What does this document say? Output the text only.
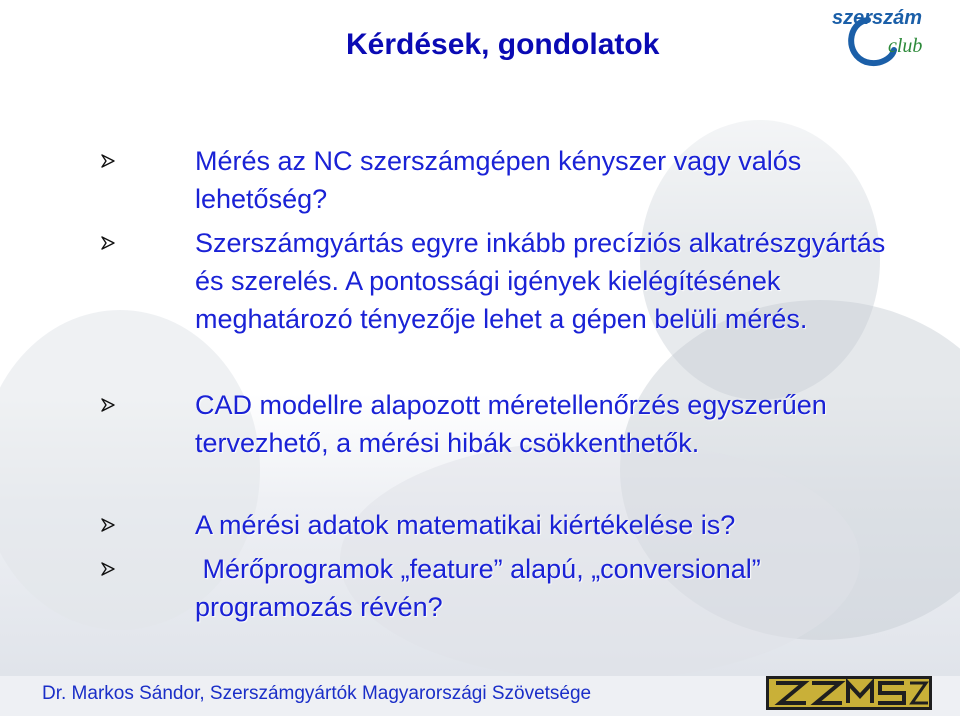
Kérdések, gondolatok
szerszám
club
Mérés az NC szerszámgépen kényszer vagy valós lehetőség?
Szerszámgyártás egyre inkább precíziós alkatrészgyártás és szerelés. A pontossági igények kielégítésének meghatározó tényezője lehet a gépen belüli mérés.
CAD modellre alapozott méretellenőrzés egyszerűen tervezhető, a mérési hibák csökkenthetők.
A mérési adatok matematikai kiértékelése is?
Mérőprogramok „feature” alapú, „conversional” programozás révén?
Dr. Markos Sándor, Szerszámgyártók Magyarországi Szövetsége
